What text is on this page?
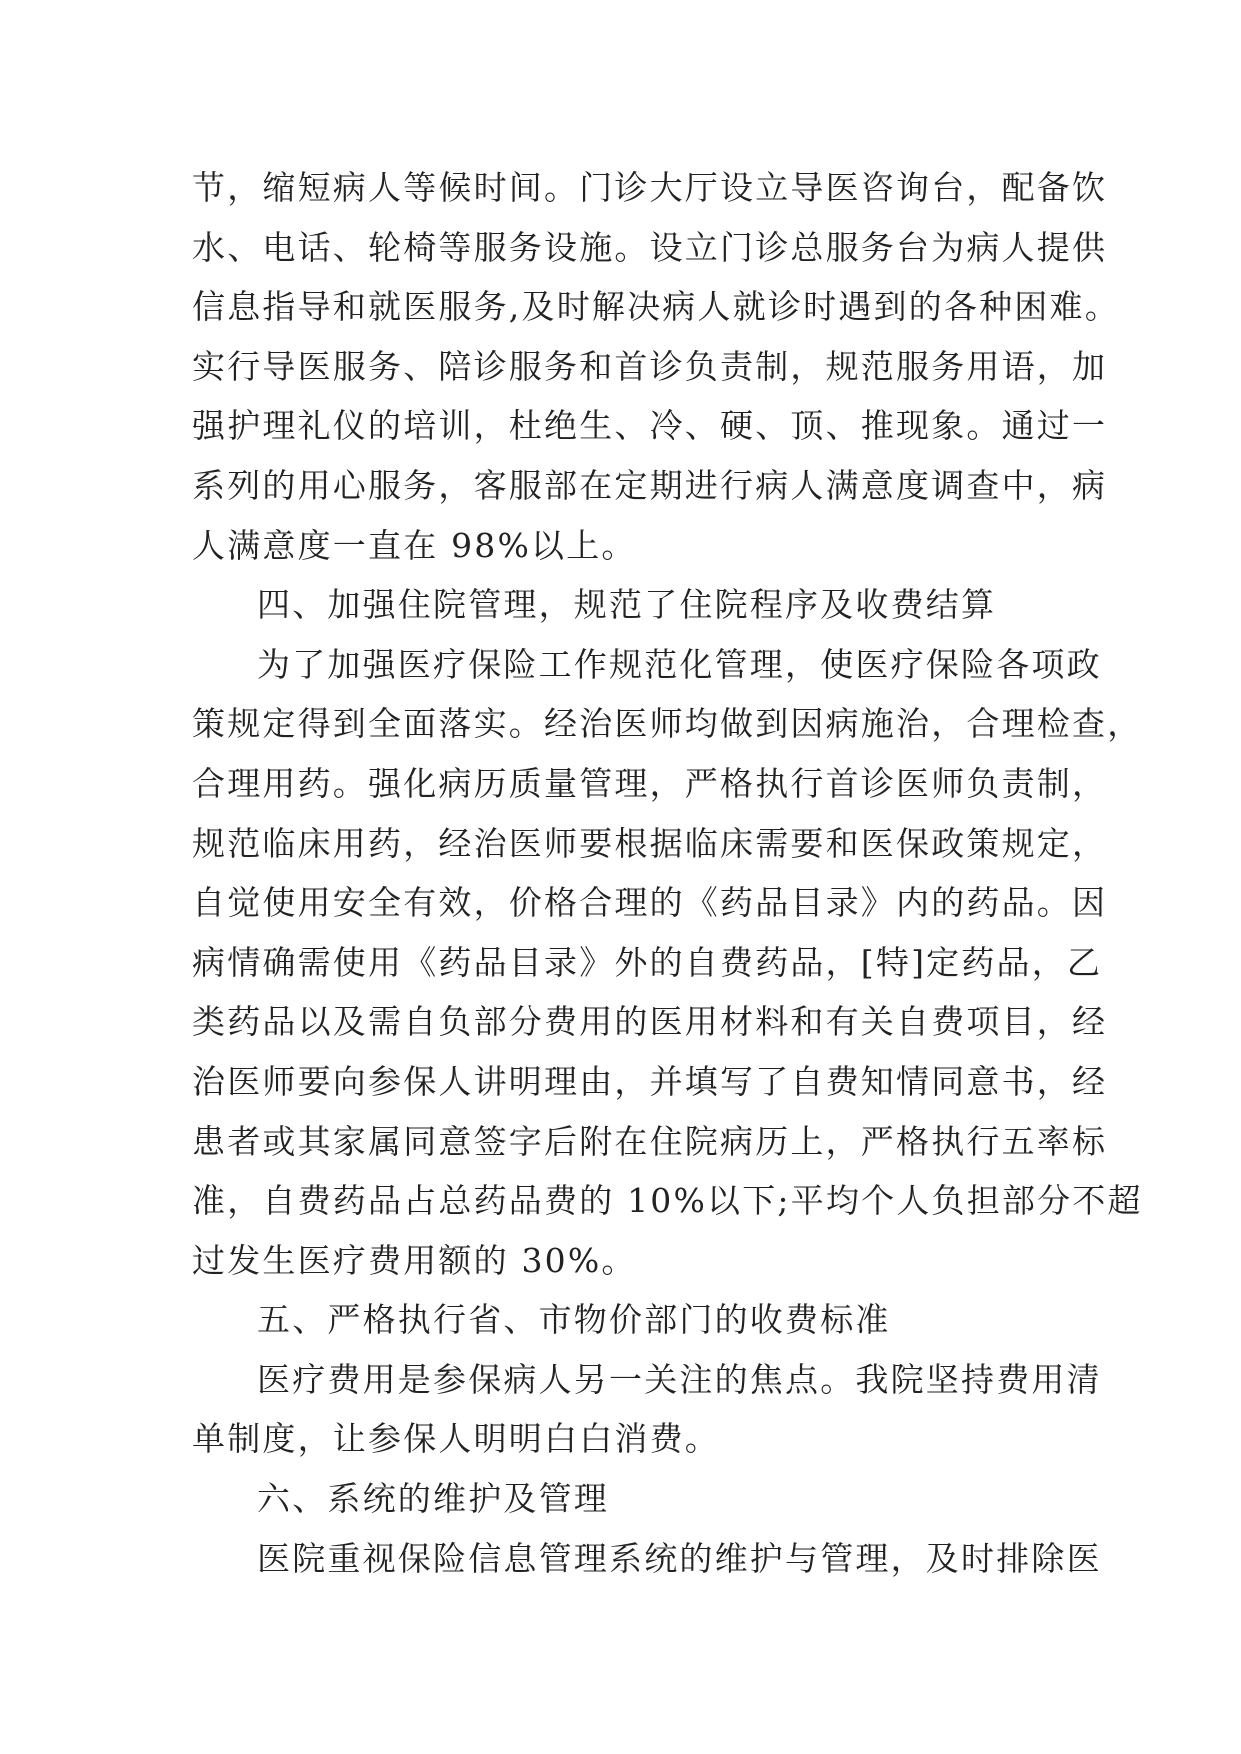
节，缩短病人等候时间。门诊大厅设立导医咨询台，配备饮
水、电话、轮椅等服务设施。设立门诊总服务台为病人提供
信息指导和就医服务,及时解决病人就诊时遇到的各种困难。
实行导医服务、陪诊服务和首诊负责制，规范服务用语，加
强护理礼仪的培训，杜绝生、冷、硬、顶、推现象。通过一
系列的用心服务，客服部在定期进行病人满意度调查中，病
人满意度一直在 98%以上。
四、加强住院管理，规范了住院程序及收费结算
为了加强医疗保险工作规范化管理，使医疗保险各项政
策规定得到全面落实。经治医师均做到因病施治，合理检查，
合理用药。强化病历质量管理，严格执行首诊医师负责制，
规范临床用药，经治医师要根据临床需要和医保政策规定，
自觉使用安全有效，价格合理的《药品目录》内的药品。因
病情确需使用《药品目录》外的自费药品，[特]定药品，乙
类药品以及需自负部分费用的医用材料和有关自费项目，经
治医师要向参保人讲明理由，并填写了自费知情同意书，经
患者或其家属同意签字后附在住院病历上，严格执行五率标
准，自费药品占总药品费的 10%以下;平均个人负担部分不超
过发生医疗费用额的 30%。
五、严格执行省、市物价部门的收费标准
医疗费用是参保病人另一关注的焦点。我院坚持费用清
单制度，让参保人明明白白消费。
六、系统的维护及管理
医院重视保险信息管理系统的维护与管理，及时排除医
